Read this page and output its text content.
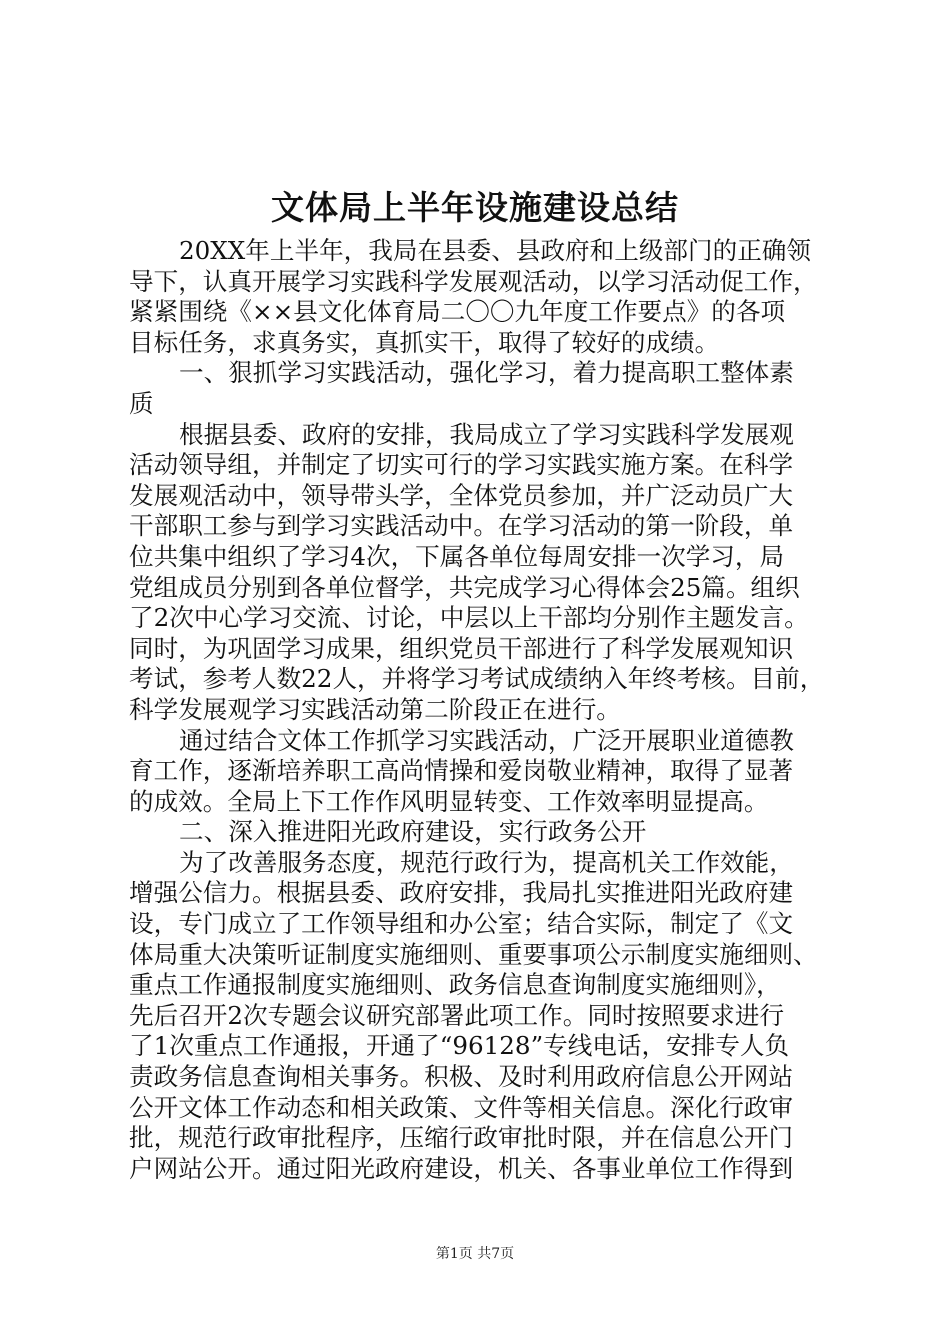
文体局上半年设施建设总结
20XX年上半年，我局在县委、县政府和上级部门的正确领
导下，认真开展学习实践科学发展观活动，以学习活动促工作，
紧紧围绕《××县文化体育局二〇〇九年度工作要点》的各项
目标任务，求真务实，真抓实干，取得了较好的成绩。
一、狠抓学习实践活动，强化学习，着力提高职工整体素
质
根据县委、政府的安排，我局成立了学习实践科学发展观
活动领导组，并制定了切实可行的学习实践实施方案。在科学
发展观活动中，领导带头学，全体党员参加，并广泛动员广大
干部职工参与到学习实践活动中。在学习活动的第一阶段，单
位共集中组织了学习4次，下属各单位每周安排一次学习，局
党组成员分别到各单位督学，共完成学习心得体会25篇。组织
了2次中心学习交流、讨论，中层以上干部均分别作主题发言。
同时，为巩固学习成果，组织党员干部进行了科学发展观知识
考试，参考人数22人，并将学习考试成绩纳入年终考核。目前，
科学发展观学习实践活动第二阶段正在进行。
通过结合文体工作抓学习实践活动，广泛开展职业道德教
育工作，逐渐培养职工高尚情操和爱岗敬业精神，取得了显著
的成效。全局上下工作作风明显转变、工作效率明显提高。
二、深入推进阳光政府建设，实行政务公开
为了改善服务态度，规范行政行为，提高机关工作效能，
增强公信力。根据县委、政府安排，我局扎实推进阳光政府建
设，专门成立了工作领导组和办公室；结合实际，制定了《文
体局重大决策听证制度实施细则、重要事项公示制度实施细则、
重点工作通报制度实施细则、政务信息查询制度实施细则》，
先后召开2次专题会议研究部署此项工作。同时按照要求进行
了1次重点工作通报，开通了“96128”专线电话，安排专人负
责政务信息查询相关事务。积极、及时利用政府信息公开网站
公开文体工作动态和相关政策、文件等相关信息。深化行政审
批，规范行政审批程序，压缩行政审批时限，并在信息公开门
户网站公开。通过阳光政府建设，机关、各事业单位工作得到
第1页 共7页
